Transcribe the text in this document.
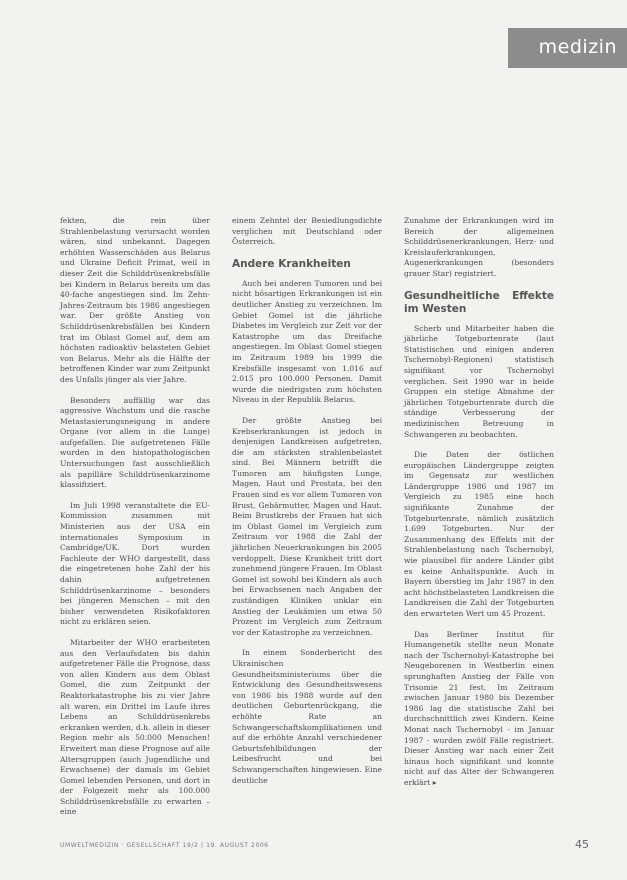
medizin

fekten, die rein über Strahlenbelastung verursacht worden wären, sind unbekannt. Dagegen erhöhten Wasserschäden aus Belarus und Ukraine Deficit Primat, weil in dieser Zeit die Schilddrüsenkrebsfälle bei Kindern in Belarus bereits um das 40-fache angestiegen sind. Im Zehn-Jahres-Zeitraum bis 1986 angestiegen war. Der größte Anstieg von Schilddrüsenkrebsfällen bei Kindern trat im Oblast Gomel auf, dem am höchsten radioaktiv belasteten Gebiet von Belarus. Mehr als die Hälfte der betroffenen Kinder war zum Zeitpunkt des Unfalls jünger als vier Jahre.

Besonders auffällig war das aggressive Wachstum und die rasche Metastasierungsneigung in andere Organe (vor allem in die Lunge) aufgefallen. Die aufgetretenen Fälle wurden in den histopathologischen Untersuchungen fast ausschließlich als papilläre Schilddrüsenkarzinome klassifiziert.

Im Juli 1998 veranstaltete die EU-Kommission zusammen mit Ministerien aus der USA ein internationales Symposium in Cambridge/UK. Dort wurden Fachleute der WHO dargestellt, dass die eingetretenen hohe Zahl der bis dahin aufgetretenen Schilddrüsenkarzinome – besonders bei jüngeren Menschen – mit den bisher verwendeten Risikofaktoren nicht zu erklären seien.

Mitarbeiter der WHO erarbeiteten aus den Verlaufsdaten bis dahin aufgetretener Fälle die Prognose, dass von allen Kindern aus dem Oblast Gomel, die zum Zeitpunkt der Reaktorkatastrophe bis zu vier Jahre alt waren, ein Drittel im Laufe ihres Lebens an Schilddrüsenkrebs erkranken werden, d.h. allein in dieser Region mehr als 50.000 Menschen! Erweitert man diese Prognose auf alle Altersgruppen (auch Jugendliche und Erwachsene) der damals im Gebiet Gomel lebenden Personen, und dort in der Folgezeit mehr als 100.000 Schilddrüsenkrebsfälle zu erwarten – eine

einem Zehntel der Besiedlungsdichte verglichen mit Deutschland oder Österreich.

Andere Krankheiten

Auch bei anderen Tumoren und bei nicht bösartigen Erkrankungen ist ein deutlicher Anstieg zu verzeichnen. Im Gebiet Gomel ist die jährliche Diabetes im Vergleich zur Zeit vor der Katastrophe um das Dreifache angestiegen. Im Oblast Gomel stiegen im Zeitraum 1989 bis 1999 die Krebsfälle insgesamt von 1.016 auf 2.015 pro 100.000 Personen. Damit wurde die niedrigsten zum höchsten Niveau in der Republik Belarus.

Der größte Anstieg bei Krebserkrankungen ist jedoch in denjenigen Landkreisen aufgetreten, die am stärksten strahlenbelastet sind. Bei Männern betrifft die Tumoren am häufigsten Lunge, Magen, Haut und Prostata, bei den Frauen sind es vor allem Tumoren von Brust, Gebärmutter, Magen und Haut. Beim Brustkrebs der Frauen hat sich im Oblast Gomel im Vergleich zum Zeitraum vor 1988 die Zahl der jährlichen Neuerkrankungen bis 2005 verdoppelt. Diese Krankheit tritt dort zunehmend jüngere Frauen. Im Oblast Gomel ist sowohl bei Kindern als auch bei Erwachsenen nach Angaben der zuständigen Kliniken unklar ein Anstieg der Leukämien um etwa 50 Prozent im Vergleich zum Zeitraum vor der Katastrophe zu verzeichnen.

In einem Sonderbericht des Ukrainischen Gesundheitsministeriums über die Entwicklung des Gesundheitswesens von 1986 bis 1988 wurde auf den deutlichen Geburtenrückgang, die erhöhte Rate an Schwangerschaftskomplikationen und auf die erhöhte Anzahl verschiedener Geburtsfehlbildungen der Leibesfrucht und bei Schwangerschaften hingewiesen. Eine deutliche

Zunahme der Erkrankungen wird im Bereich der allgemeinen Schilddrüsenerkrankungen, Herz- und Kreislauferkrankungen, Augenerkrankungen (besonders grauer Star) registriert.

Gesundheitliche Effekte im Westen

Scherb und Mitarbeiter haben die jährliche Totgeburtenrate (laut Statistischen und einigen anderen Tschernobyl-Regionen) statistisch signifikant vor Tschernobyl verglichen. Seit 1990 war in beide Gruppen ein stetige Abnahme der jährlichen Totgeburtenrate durch die ständige Verbesserung der medizinischen Betreuung in Schwangeren zu beobachten.

Die Daten der östlichen europäischen Ländergruppe zeigten im Gegensatz zur westlichen Ländergruppe 1986 und 1987 im Vergleich zu 1985 eine hoch signifikante Zunahme der Totgeburtenrate, nämlich zusätzlich 1.699 Totgeburten. Nur der Zusammenhang des Effekts mit der Strahlenbelastung nach Tschernobyl, wie plausibel für andere Länder gibt es keine Anhaltspunkte. Auch in Bayern überstieg im Jahr 1987 in den acht höchstbelasteten Landkreisen die Landkreisen die Zahl der Totgeburten den erwarteten Wert um 45 Prozent.

Das Berliner Institut für Humangenetik stellte neun Monate nach der Tschernobyl-Katastrophe bei Neugeborenen in Westberlin einen sprunghaften Anstieg der Fälle von Trisomie 21 fest. Im Zeitraum zwischen Januar 1980 bis Dezember 1986 lag die statistische Zahl bei durchschnittlich zwei Kindern. Keine Monat nach Tschernobyl - im Januar 1987 - wurden zwölf Fälle registriert. Dieser Anstieg war nach einer Zeit hinaus hoch signifikant und konnte nicht auf das Alter der Schwangeren erklärt ▸

UMWELTMEDIZIN · GESELLSCHAFT 19/2 | 19. AUGUST 2006	45
